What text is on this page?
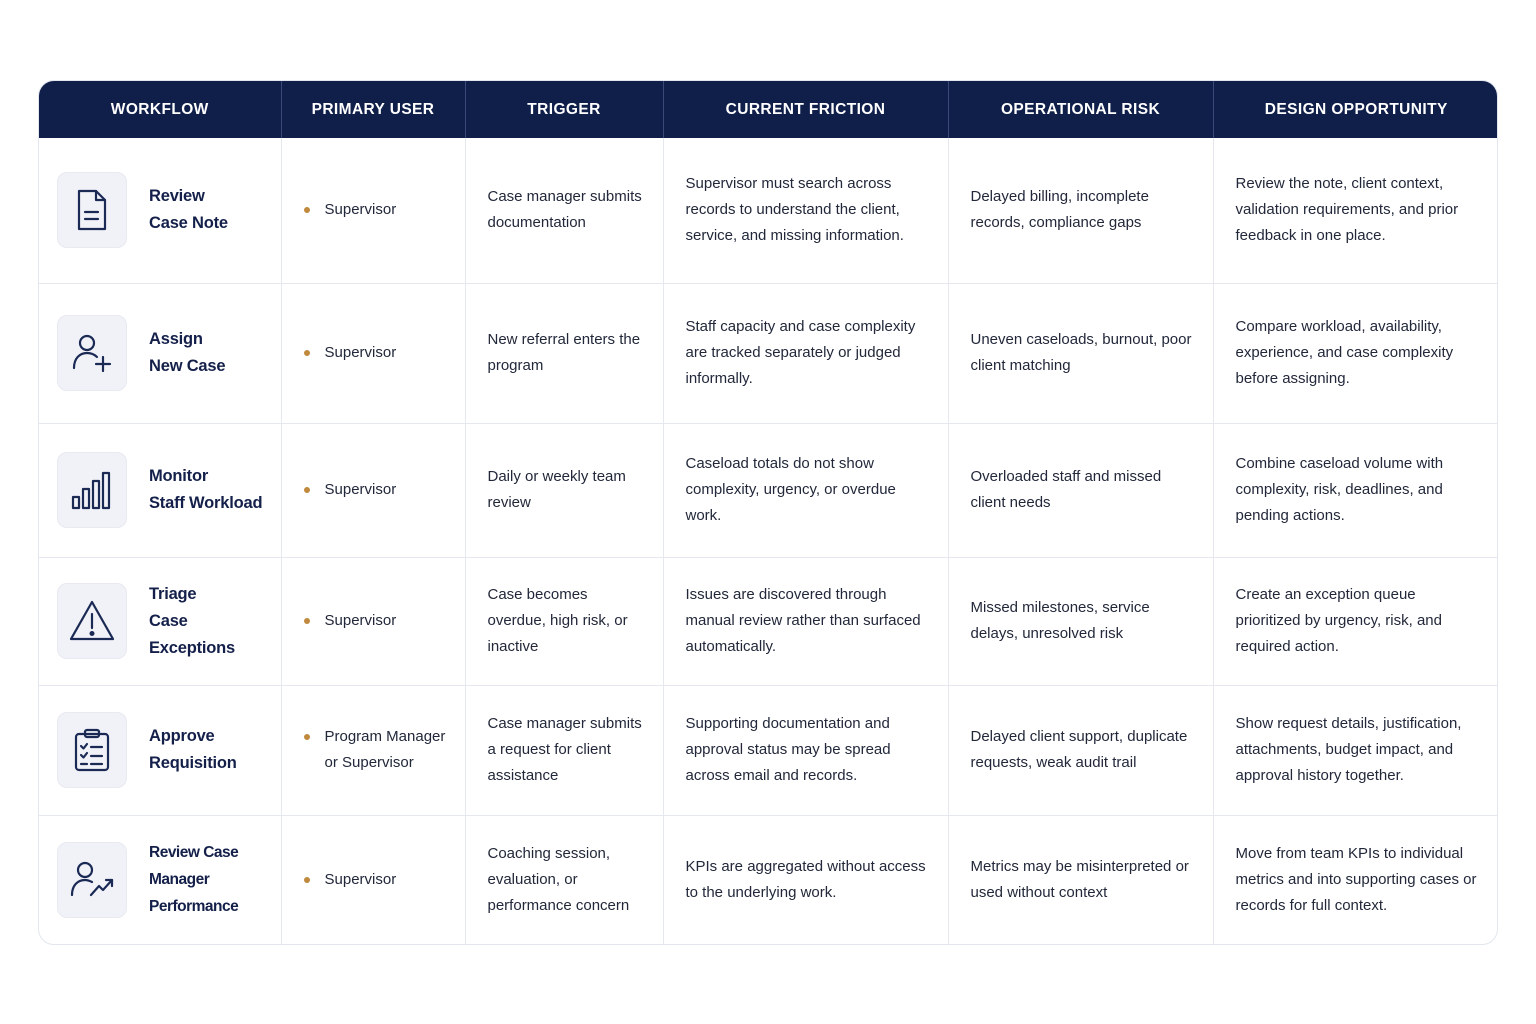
WORKFLOW	PRIMARY USER	TRIGGER	CURRENT FRICTION	OPERATIONAL RISK	DESIGN OPPORTUNITY

Review
Case Note	Supervisor	Case manager submits documentation	Supervisor must search across records to understand the client, service, and missing information.	Delayed billing, incomplete records, compliance gaps	Review the note, client context, validation requirements, and prior feedback in one place.

Assign
New Case	Supervisor	New referral enters the program	Staff capacity and case complexity are tracked separately or judged informally.	Uneven caseloads, burnout, poor client matching	Compare workload, availability, experience, and case complexity before assigning.

Monitor
Staff Workload	Supervisor	Daily or weekly team review	Caseload totals do not show complexity, urgency, or overdue work.	Overloaded staff and missed client needs	Combine caseload volume with complexity, risk, deadlines, and pending actions.

Triage
Case Exceptions	Supervisor	Case becomes overdue, high risk, or inactive	Issues are discovered through manual review rather than surfaced automatically.	Missed milestones, service delays, unresolved risk	Create an exception queue prioritized by urgency, risk, and required action.

Approve
Requisition	Program Manager or Supervisor	Case manager submits a request for client assistance	Supporting documentation and approval status may be spread across email and records.	Delayed client support, duplicate requests, weak audit trail	Show request details, justification, attachments, budget impact, and approval history together.

Review Case
Manager Performance	Supervisor	Coaching session, evaluation, or performance concern	KPIs are aggregated without access to the underlying work.	Metrics may be misinterpreted or used without context	Move from team KPIs to individual metrics and into supporting cases or records for full context.
